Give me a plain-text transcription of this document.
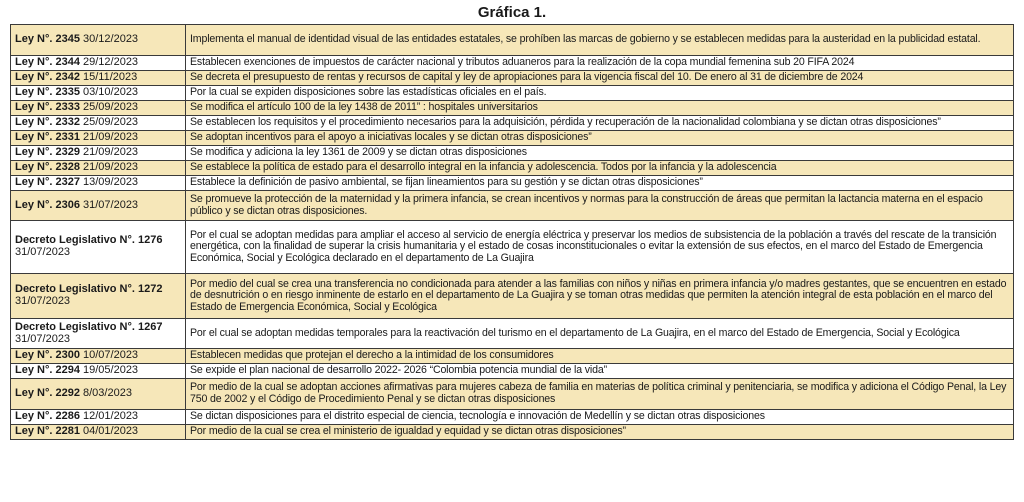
Gráfica 1.
Ley N°. 2345 30/12/2023	Implementa el manual de identidad visual de las entidades estatales, se prohíben las marcas de gobierno y se establecen medidas para la austeridad en la publicidad estatal.
Ley N°. 2344 29/12/2023	Establecen exenciones de impuestos de carácter nacional y tributos aduaneros para la realización de la copa mundial femenina sub 20 FIFA 2024
Ley N°. 2342 15/11/2023	Se decreta el presupuesto de rentas y recursos de capital y ley de apropiaciones para la vigencia fiscal del 10. De enero al 31 de diciembre de 2024
Ley N°. 2335 03/10/2023	Por la cual se expiden disposiciones sobre las estadísticas oficiales en el país.
Ley N°. 2333 25/09/2023	Se modifica el artículo 100 de la ley 1438 de 2011” : hospitales universitarios
Ley N°. 2332 25/09/2023	Se establecen los requisitos y el procedimiento necesarios para la adquisición, pérdida y recuperación de la nacionalidad colombiana y se dictan otras disposiciones”
Ley N°. 2331 21/09/2023	Se adoptan incentivos para el apoyo a iniciativas locales y se dictan otras disposiciones”
Ley N°. 2329 21/09/2023	Se modifica y adiciona la ley 1361 de 2009 y se dictan otras disposiciones
Ley N°. 2328 21/09/2023	Se establece la política de estado para el desarrollo integral en la infancia y adolescencia. Todos por la infancia y la adolescencia
Ley N°. 2327 13/09/2023	Establece la definición de pasivo ambiental, se fijan lineamientos para su gestión y se dictan otras disposiciones”
Ley N°. 2306 31/07/2023	Se promueve la protección de la maternidad y la primera infancia, se crean incentivos y normas para la construcción de áreas que permitan la lactancia materna en el espacio público y se dictan otras disposiciones.
Decreto Legislativo N°. 1276
31/07/2023	Por el cual se adoptan medidas para ampliar el acceso al servicio de energía eléctrica y preservar los medios de subsistencia de la población a través del rescate de la transición energética, con la finalidad de superar la crisis humanitaria y el estado de cosas inconstitucionales o evitar la extensión de sus efectos, en el marco del Estado de Emergencia Económica, Social y Ecológica declarado en el departamento de La Guajira
Decreto Legislativo N°. 1272
31/07/2023	Por medio del cual se crea una transferencia no condicionada para atender a las familias con niños y niñas en primera infancia y/o madres gestantes, que se encuentren en estado de desnutrición o en riesgo inminente de estarlo en el departamento de La Guajira y se toman otras medidas que permiten la atención integral de esta población en el marco del Estado de Emergencia Económica, Social y Ecológica
Decreto Legislativo N°. 1267
31/07/2023	Por el cual se adoptan medidas temporales para la reactivación del turismo en el departamento de La Guajira, en el marco del Estado de Emergencia, Social y Ecológica
Ley N°. 2300 10/07/2023	Establecen medidas que protejan el derecho a la intimidad de los consumidores
Ley N°. 2294 19/05/2023	Se expide el plan nacional de desarrollo 2022- 2026 “Colombia potencia mundial de la vida”
Ley N°. 2292 8/03/2023	Por medio de la cual se adoptan acciones afirmativas para mujeres cabeza de familia en materias de política criminal y penitenciaria, se modifica y adiciona el Código Penal, la Ley 750 de 2002 y el Código de Procedimiento Penal y se dictan otras disposiciones
Ley N°. 2286 12/01/2023	Se dictan disposiciones para el distrito especial de ciencia, tecnología e innovación de Medellín y se dictan otras disposiciones
Ley N°. 2281 04/01/2023	Por medio de la cual se crea el ministerio de igualdad y equidad y se dictan otras disposiciones”
